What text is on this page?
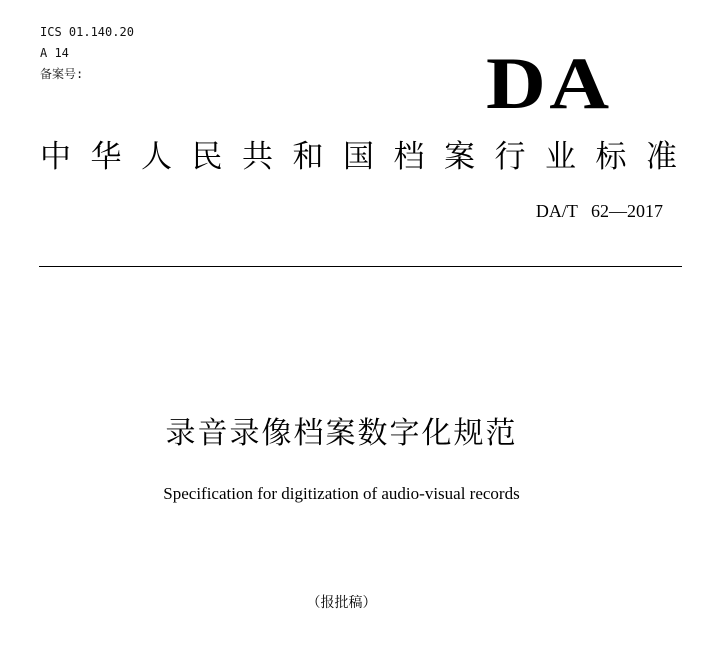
ICS 01.140.20
A 14
备案号:	DA
中华人民共和国档案行业标准
DA/T   62—2017
录音录像档案数字化规范
Specification for digitization of audio-visual records
（报批稿）
